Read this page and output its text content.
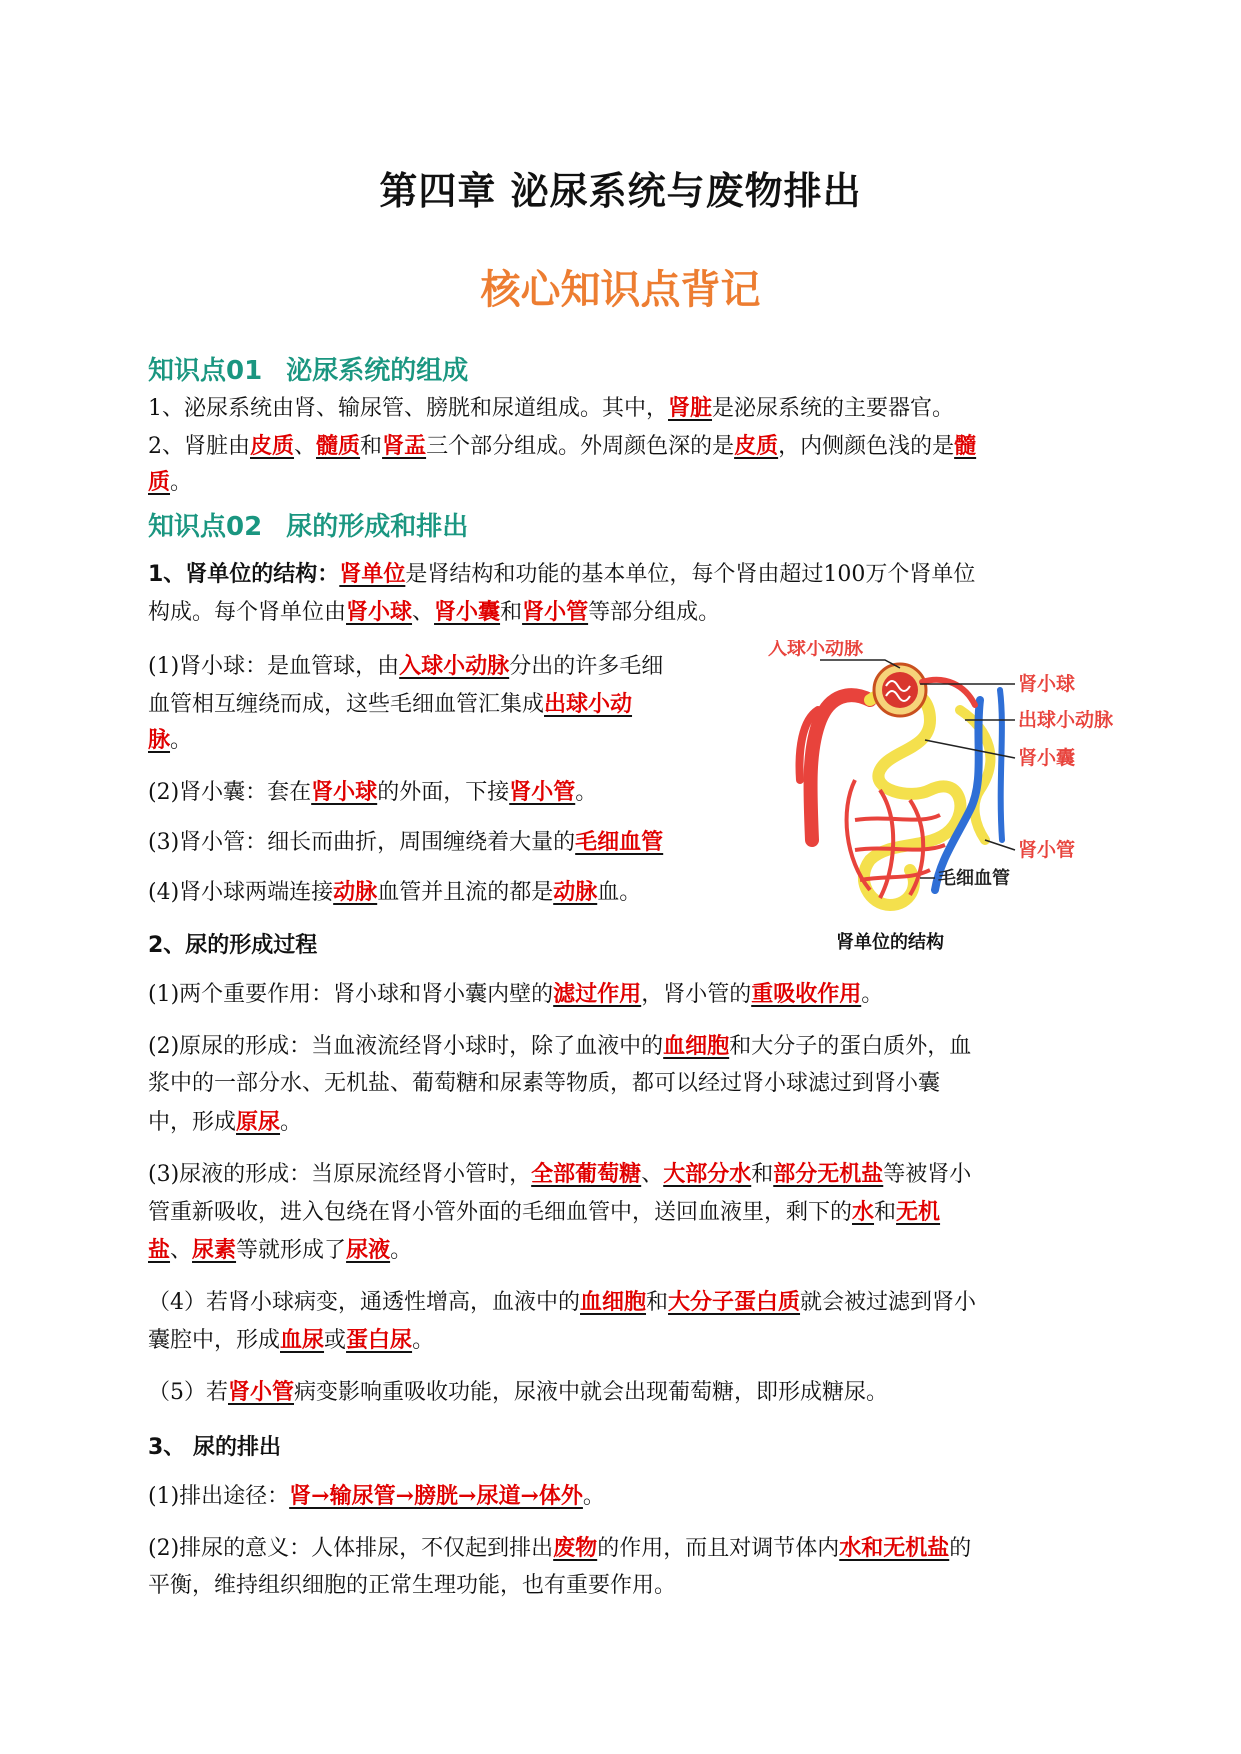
第四章 泌尿系统与废物排出
核心知识点背记
知识点01 泌尿系统的组成
1、泌尿系统由肾、输尿管、膀胱和尿道组成。其中，肾脏是泌尿系统的主要器官。
2、肾脏由皮质、髓质和肾盂三个部分组成。外周颜色深的是皮质，内侧颜色浅的是髓
质。
知识点02 尿的形成和排出
1、肾单位的结构：肾单位是肾结构和功能的基本单位，每个肾由超过100万个肾单位
构成。每个肾单位由肾小球、肾小囊和肾小管等部分组成。
(1)肾小球：是血管球，由入球小动脉分出的许多毛细
血管相互缠绕而成，这些毛细血管汇集成出球小动
脉。
(2)肾小囊：套在肾小球的外面，下接肾小管。
(3)肾小管：细长而曲折，周围缠绕着大量的毛细血管
(4)肾小球两端连接动脉血管并且流的都是动脉血。
入球小动脉
肾小球
出球小动脉
肾小囊
肾小管
毛细血管
肾单位的结构
2、尿的形成过程
(1)两个重要作用：肾小球和肾小囊内壁的滤过作用，肾小管的重吸收作用。
(2)原尿的形成：当血液流经肾小球时，除了血液中的血细胞和大分子的蛋白质外，血
浆中的一部分水、无机盐、葡萄糖和尿素等物质，都可以经过肾小球滤过到肾小囊
中，形成原尿。
(3)尿液的形成：当原尿流经肾小管时，全部葡萄糖、大部分水和部分无机盐等被肾小
管重新吸收，进入包绕在肾小管外面的毛细血管中，送回血液里，剩下的水和无机
盐、尿素等就形成了尿液。
（4）若肾小球病变，通透性增高，血液中的血细胞和大分子蛋白质就会被过滤到肾小
囊腔中，形成血尿或蛋白尿。
（5）若肾小管病变影响重吸收功能，尿液中就会出现葡萄糖，即形成糖尿。
3、 尿的排出
(1)排出途径：肾→输尿管→膀胱→尿道→体外。
(2)排尿的意义：人体排尿，不仅起到排出废物的作用，而且对调节体内水和无机盐的
平衡，维持组织细胞的正常生理功能，也有重要作用。
